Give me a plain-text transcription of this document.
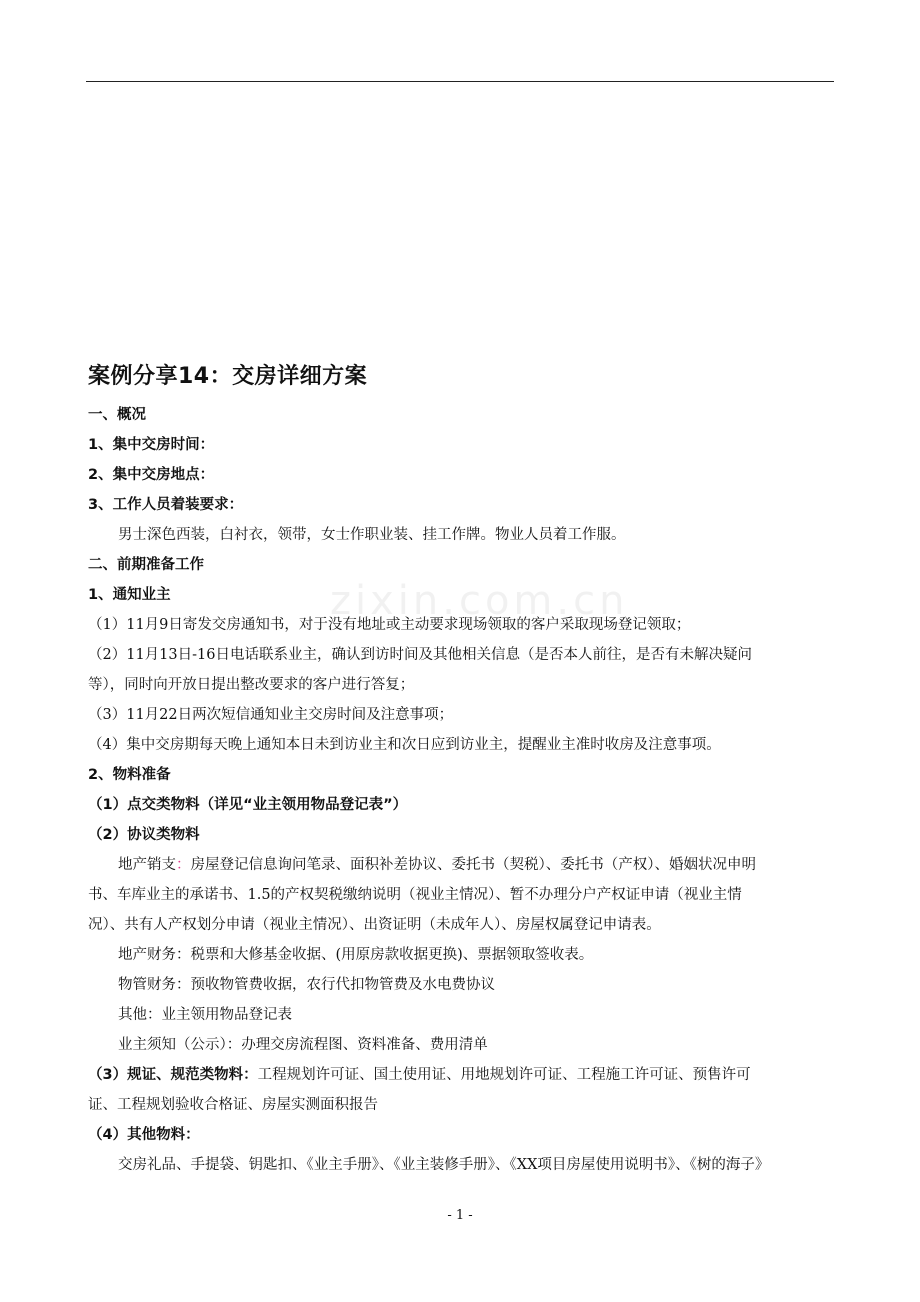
zixin.com.cn
案例分享14：交房详细方案

一、概况

1、集中交房时间：

2、集中交房地点：

3、工作人员着装要求：

男士深色西装，白衬衣，领带，女士作职业装、挂工作牌。物业人员着工作服。

二、前期准备工作

1、通知业主

（1）11月9日寄发交房通知书，对于没有地址或主动要求现场领取的客户采取现场登记领取；

（2）11月13日-16日电话联系业主，确认到访时间及其他相关信息（是否本人前往，是否有未解决疑问

等），同时向开放日提出整改要求的客户进行答复；

（3）11月22日两次短信通知业主交房时间及注意事项；

（4）集中交房期每天晚上通知本日未到访业主和次日应到访业主，提醒业主准时收房及注意事项。

2、物料准备

（1）点交类物料（详见“业主领用物品登记表”）

（2）协议类物料

地产销支：房屋登记信息询问笔录、面积补差协议、委托书（契税）、委托书（产权）、婚姻状况申明

书、车库业主的承诺书、1.5的产权契税缴纳说明（视业主情况）、暂不办理分户产权证申请（视业主情

况）、共有人产权划分申请（视业主情况）、出资证明（未成年人）、房屋权属登记申请表。

地产财务：税票和大修基金收据、(用原房款收据更换)、票据领取签收表。

物管财务：预收物管费收据，农行代扣物管费及水电费协议

其他：业主领用物品登记表

业主须知（公示）：办理交房流程图、资料准备、费用清单

（3）规证、规范类物料：工程规划许可证、国土使用证、用地规划许可证、工程施工许可证、预售许可

证、工程规划验收合格证、房屋实测面积报告

（4）其他物料：

交房礼品、手提袋、钥匙扣、《业主手册》、《业主装修手册》、《XX项目房屋使用说明书》、《树的海子》

- 1 -
